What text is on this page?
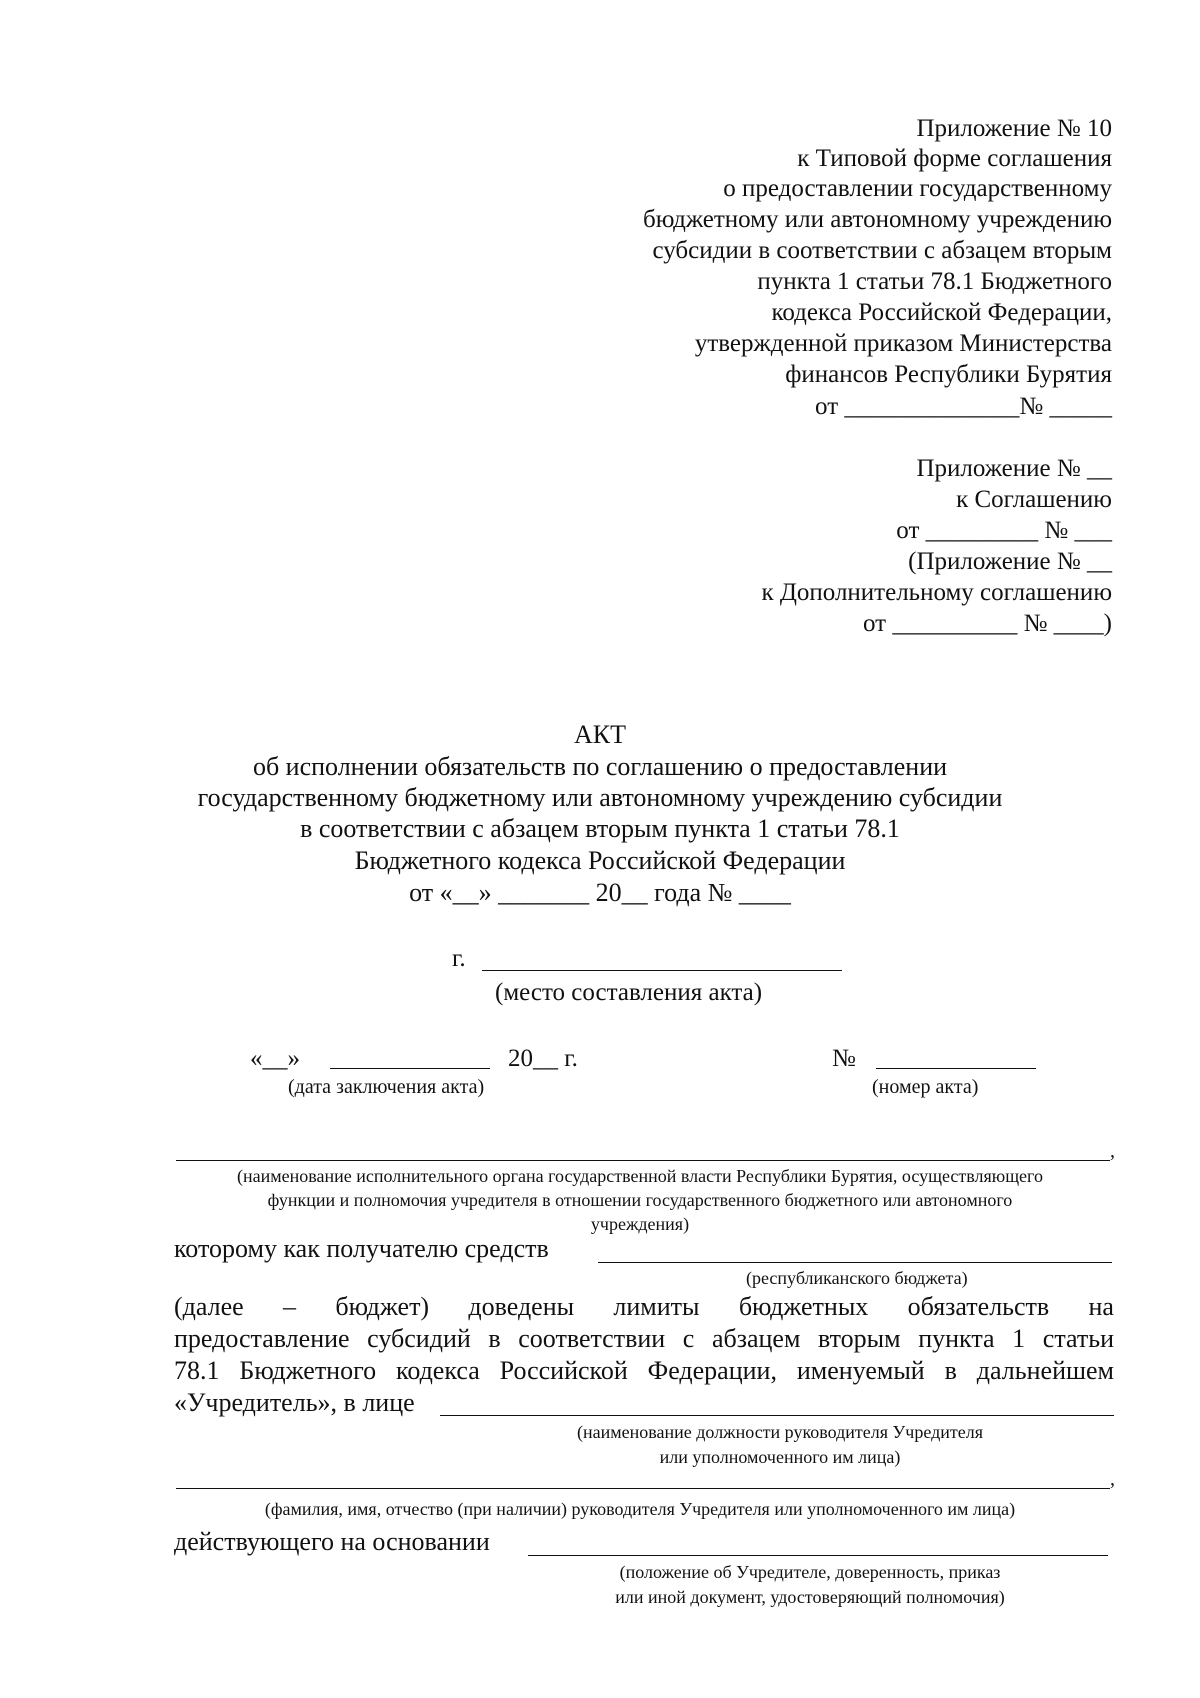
Приложение № 10
к Типовой форме соглашения
о предоставлении государственному
бюджетному или автономному учреждению
субсидии в соответствии с абзацем вторым
пункта 1 статьи 78.1 Бюджетного
кодекса Российской Федерации,
утвержденной приказом Министерства
финансов Республики Бурятия
от ______________№ _____
Приложение № __
к Соглашению
от _________ № ___
(Приложение № __
к Дополнительному соглашению
от __________ № ____)
АКТ
об исполнении обязательств по соглашению о предоставлении
государственному бюджетному или автономному учреждению субсидии
в соответствии с абзацем вторым пункта 1 статьи 78.1
Бюджетного кодекса Российской Федерации
от «__» _______ 20__ года № ____
г.
(место составления акта)
«__»	20__ г.
(дата заключения акта)
№
(номер акта)
,
(наименование исполнительного органа государственной власти Республики Бурятия, осуществляющего
функции и полномочия учредителя в отношении государственного бюджетного или автономного
учреждения)
которому как получателю средств
(республиканского бюджета)
(далее – бюджет) доведены лимиты бюджетных обязательств на
предоставление субсидий в соответствии с абзацем вторым пункта 1 статьи
78.1 Бюджетного кодекса Российской Федерации, именуемый в дальнейшем
«Учредитель», в лице
(наименование должности руководителя Учредителя
или уполномоченного им лица)
,
(фамилия, имя, отчество (при наличии) руководителя Учредителя или уполномоченного им лица)
действующего на основании
(положение об Учредителе, доверенность, приказ
или иной документ, удостоверяющий полномочия)
